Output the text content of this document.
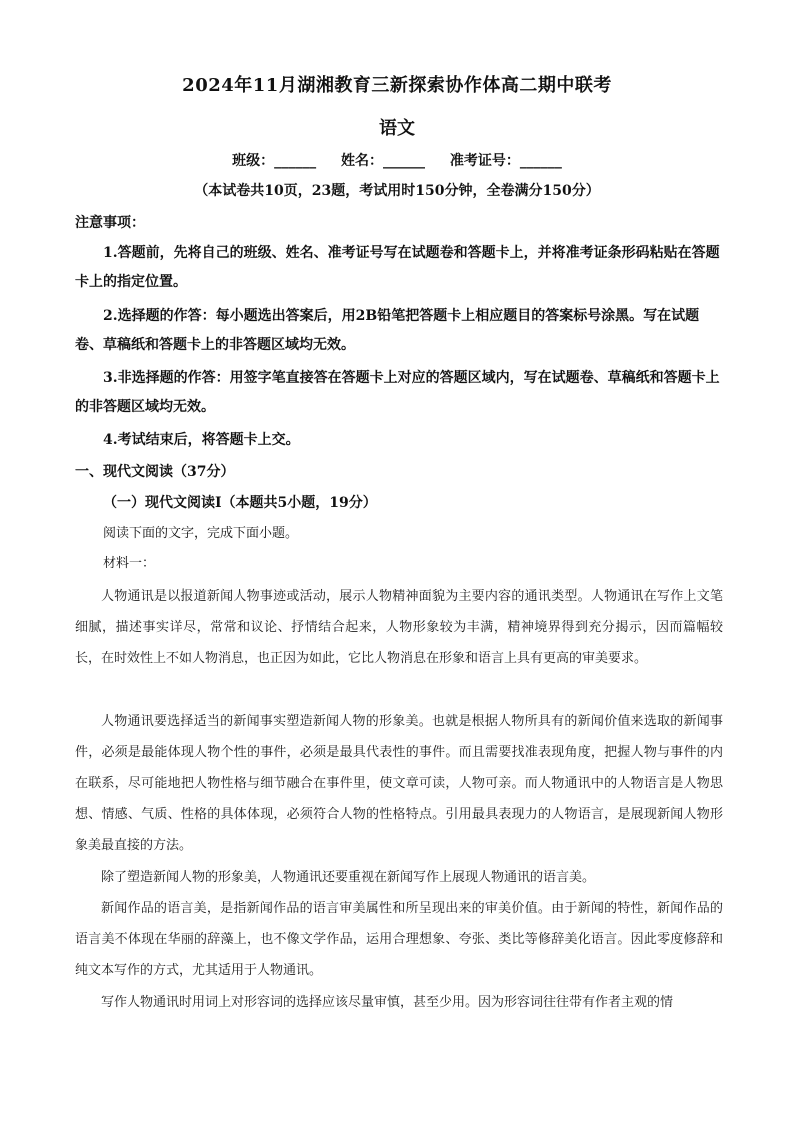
2024年11月湖湘教育三新探索协作体高二期中联考
语文
班级：______ 姓名：______ 准考证号：______
（本试卷共10页，23题，考试用时150分钟，全卷满分150分）

注意事项：

1.答题前，先将自己的班级、姓名、准考证号写在试题卷和答题卡上，并将准考证条形码粘贴在答题卡上的指定位置。

2.选择题的作答：每小题选出答案后，用2B铅笔把答题卡上相应题目的答案标号涂黑。写在试题卷、草稿纸和答题卡上的非答题区域均无效。

3.非选择题的作答：用签字笔直接答在答题卡上对应的答题区域内，写在试题卷、草稿纸和答题卡上的非答题区域均无效。

4.考试结束后，将答题卡上交。

一、现代文阅读（37分）

（一）现代文阅读Ⅰ（本题共5小题，19分）

阅读下面的文字，完成下面小题。

材料一：

人物通讯是以报道新闻人物事迹或活动，展示人物精神面貌为主要内容的通讯类型。人物通讯在写作上文笔细腻，描述事实详尽，常常和议论、抒情结合起来，人物形象较为丰满，精神境界得到充分揭示，因而篇幅较长，在时效性上不如人物消息，也正因为如此，它比人物消息在形象和语言上具有更高的审美要求。

人物通讯要选择适当的新闻事实塑造新闻人物的形象美。也就是根据人物所具有的新闻价值来选取的新闻事件，必须是最能体现人物个性的事件，必须是最具代表性的事件。而且需要找准表现角度，把握人物与事件的内在联系，尽可能地把人物性格与细节融合在事件里，使文章可读，人物可亲。而人物通讯中的人物语言是人物思想、情感、气质、性格的具体体现，必须符合人物的性格特点。引用最具表现力的人物语言，是展现新闻人物形象美最直接的方法。

除了塑造新闻人物的形象美，人物通讯还要重视在新闻写作上展现人物通讯的语言美。

新闻作品的语言美，是指新闻作品的语言审美属性和所呈现出来的审美价值。由于新闻的特性，新闻作品的语言美不体现在华丽的辞藻上，也不像文学作品，运用合理想象、夸张、类比等修辞美化语言。因此零度修辞和纯文本写作的方式，尤其适用于人物通讯。

写作人物通讯时用词上对形容词的选择应该尽量审慎，甚至少用。因为形容词往往带有作者主观的情
